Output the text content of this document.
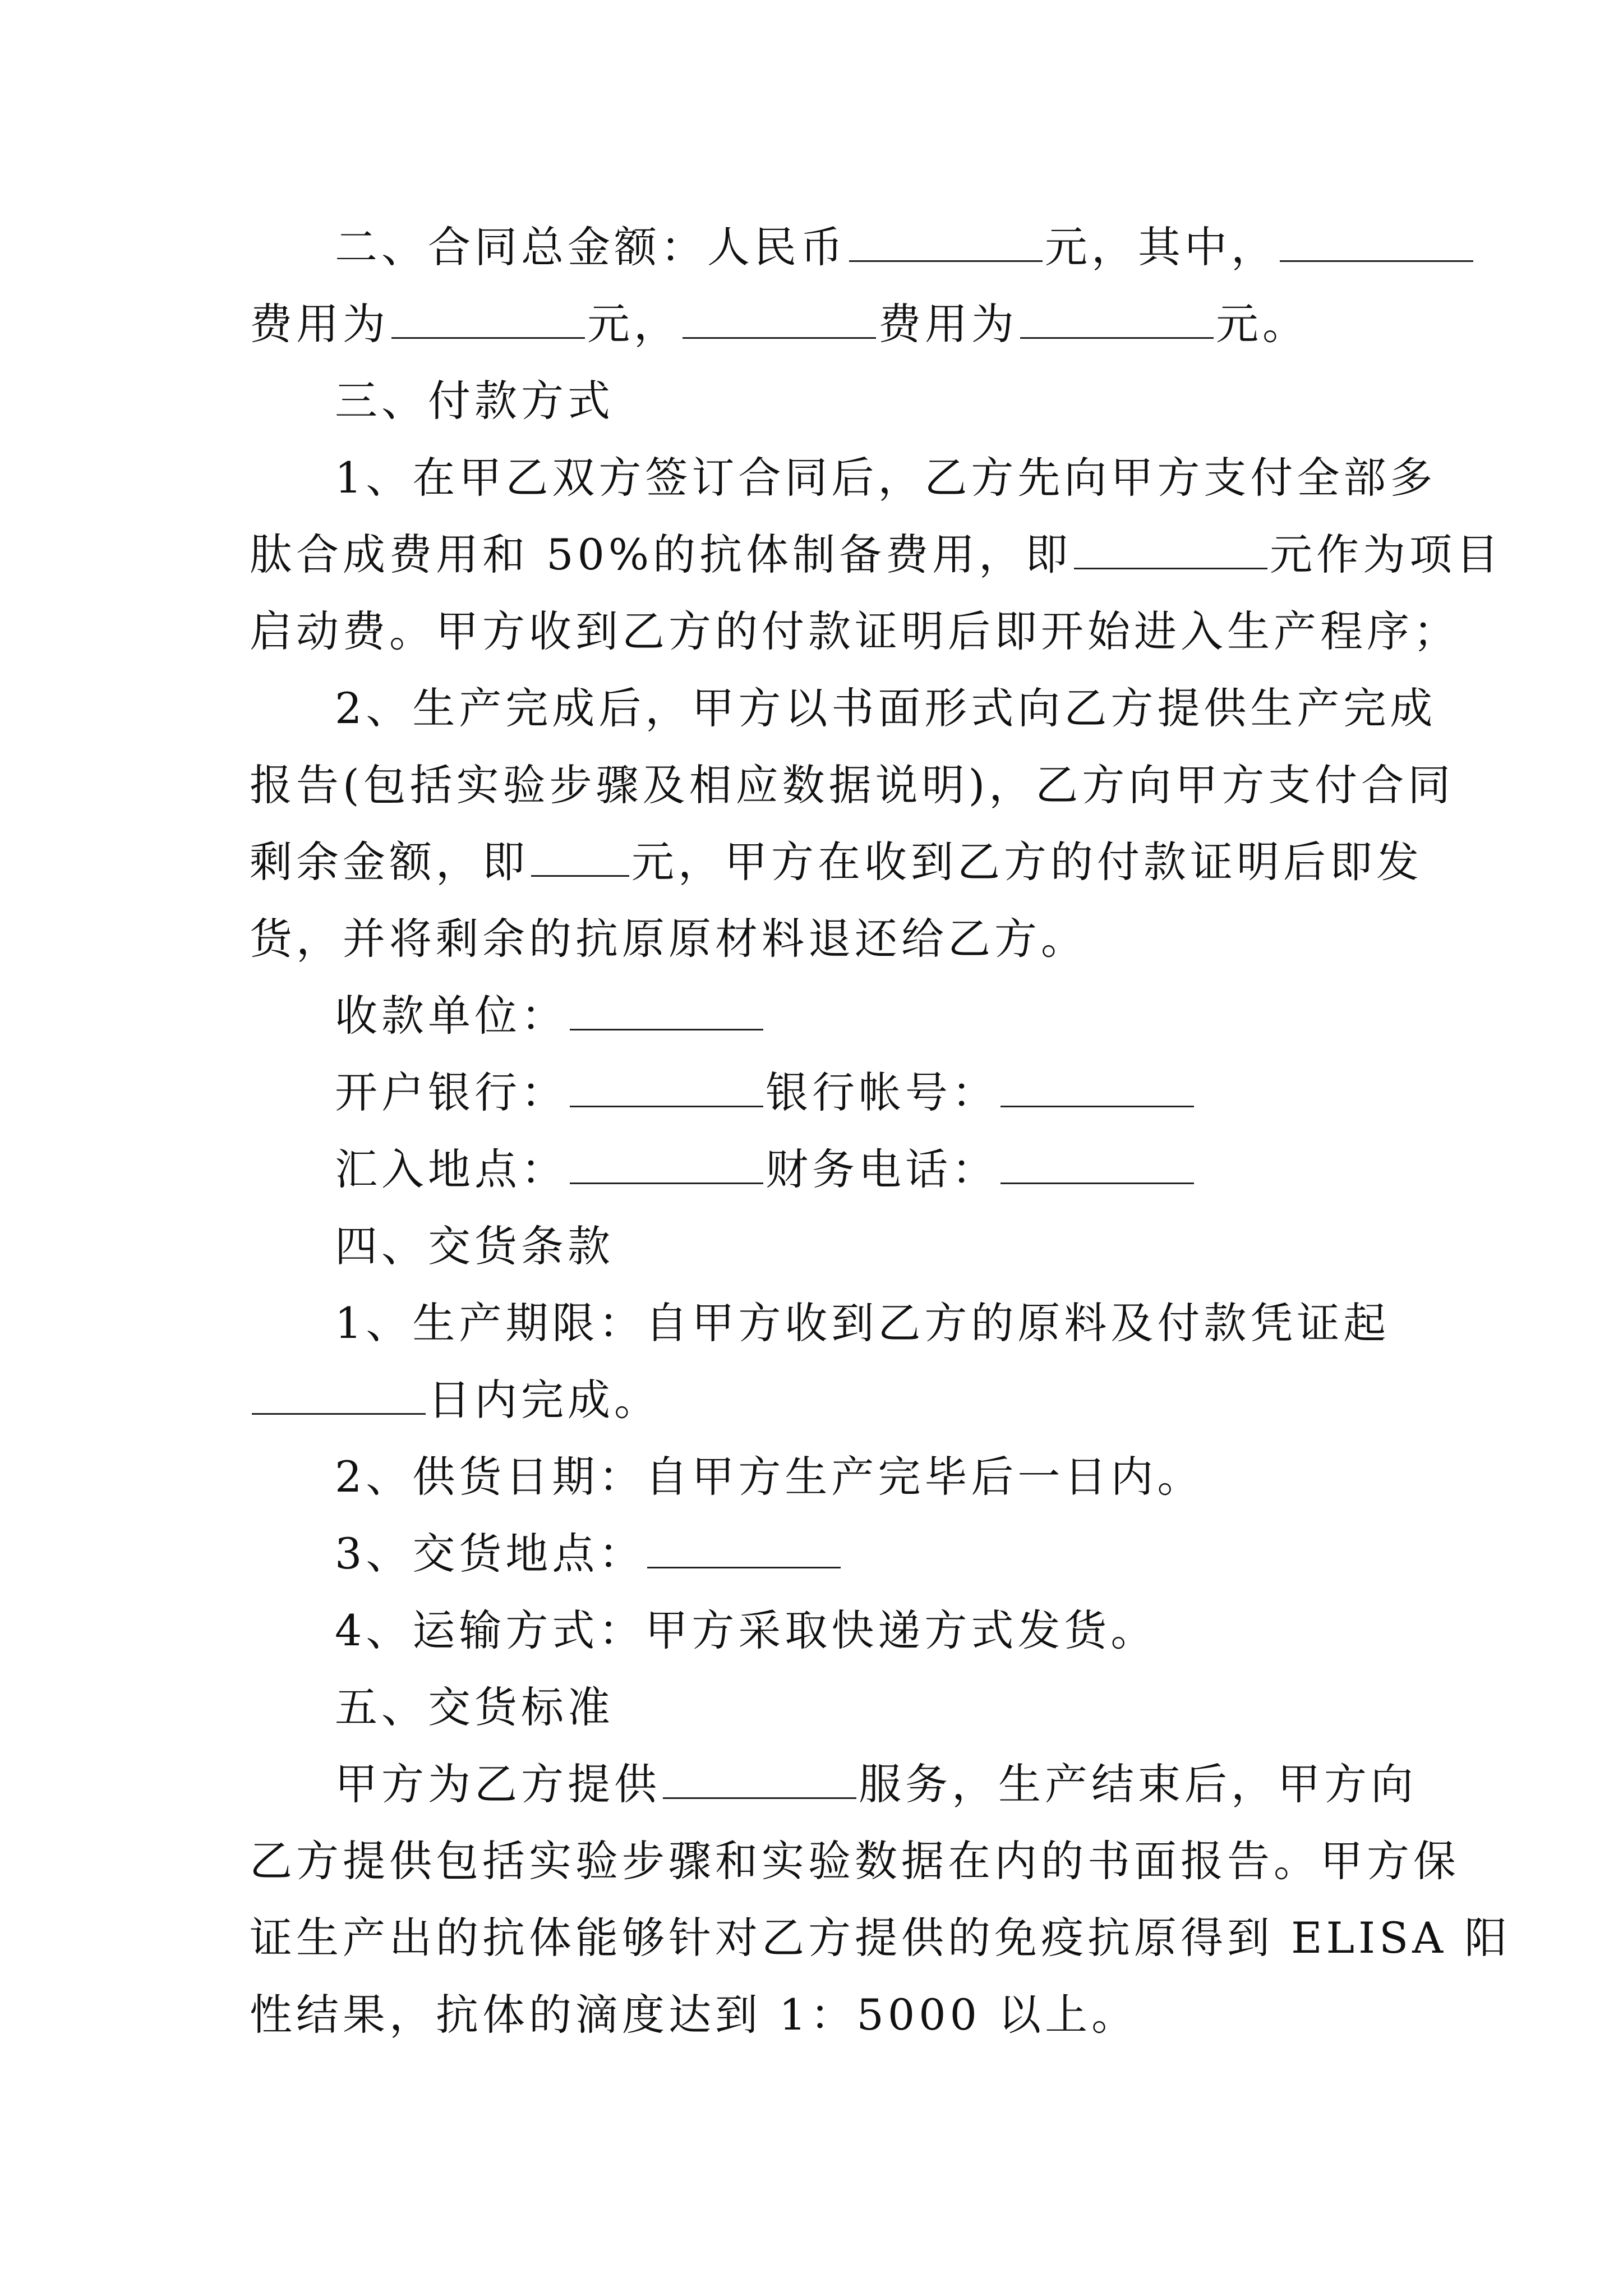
二、合同总金额：人民币	元，其中，

费用为	元，	费用为	元。

三、付款方式

1、在甲乙双方签订合同后，乙方先向甲方支付全部多

肽合成费用和 50%的抗体制备费用，即	元作为项目

启动费。甲方收到乙方的付款证明后即开始进入生产程序；

2、生产完成后，甲方以书面形式向乙方提供生产完成

报告(包括实验步骤及相应数据说明)，乙方向甲方支付合同

剩余金额，即 元，甲方在收到乙方的付款证明后即发

货，并将剩余的抗原原材料退还给乙方。

收款单位：

开户银行：	银行帐号：

汇入地点：	财务电话：

四、交货条款

1、生产期限：自甲方收到乙方的原料及付款凭证起

日内完成。

2、供货日期：自甲方生产完毕后一日内。

3、交货地点：

4、运输方式：甲方采取快递方式发货。

五、交货标准

甲方为乙方提供	服务，生产结束后，甲方向

乙方提供包括实验步骤和实验数据在内的书面报告。甲方保

证生产出的抗体能够针对乙方提供的免疫抗原得到 ELISA 阳

性结果，抗体的滴度达到 1：5000 以上。
